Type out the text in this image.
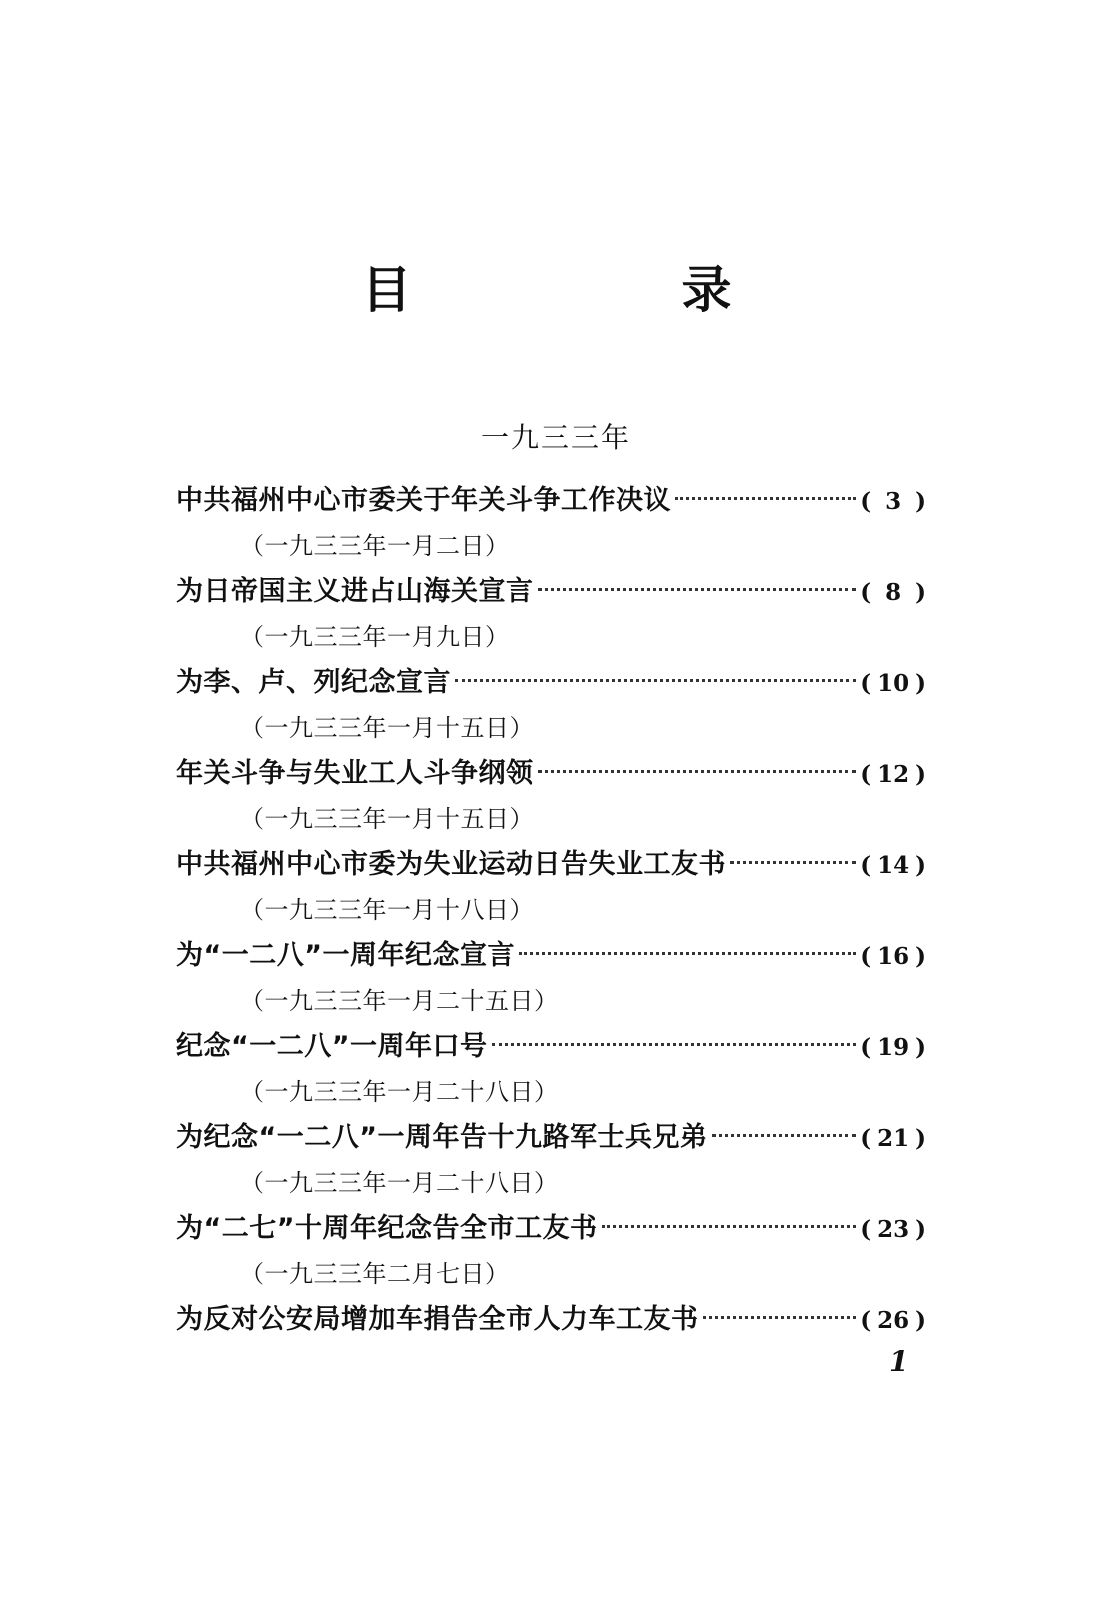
目　录
一九三三年
中共福州中心市委关于年关斗争工作决议	( 3 )
（一九三三年一月二日）
为日帝国主义进占山海关宣言	( 8 )
（一九三三年一月九日）
为李、卢、列纪念宣言	( 10 )
（一九三三年一月十五日）
年关斗争与失业工人斗争纲领	( 12 )
（一九三三年一月十五日）
中共福州中心市委为失业运动日告失业工友书	( 14 )
（一九三三年一月十八日）
为“一二八”一周年纪念宣言	( 16 )
（一九三三年一月二十五日）
纪念“一二八”一周年口号	( 19 )
（一九三三年一月二十八日）
为纪念“一二八”一周年告十九路军士兵兄弟	( 21 )
（一九三三年一月二十八日）
为“二七”十周年纪念告全市工友书	( 23 )
（一九三三年二月七日）
为反对公安局增加车捐告全市人力车工友书	( 26 )
1
